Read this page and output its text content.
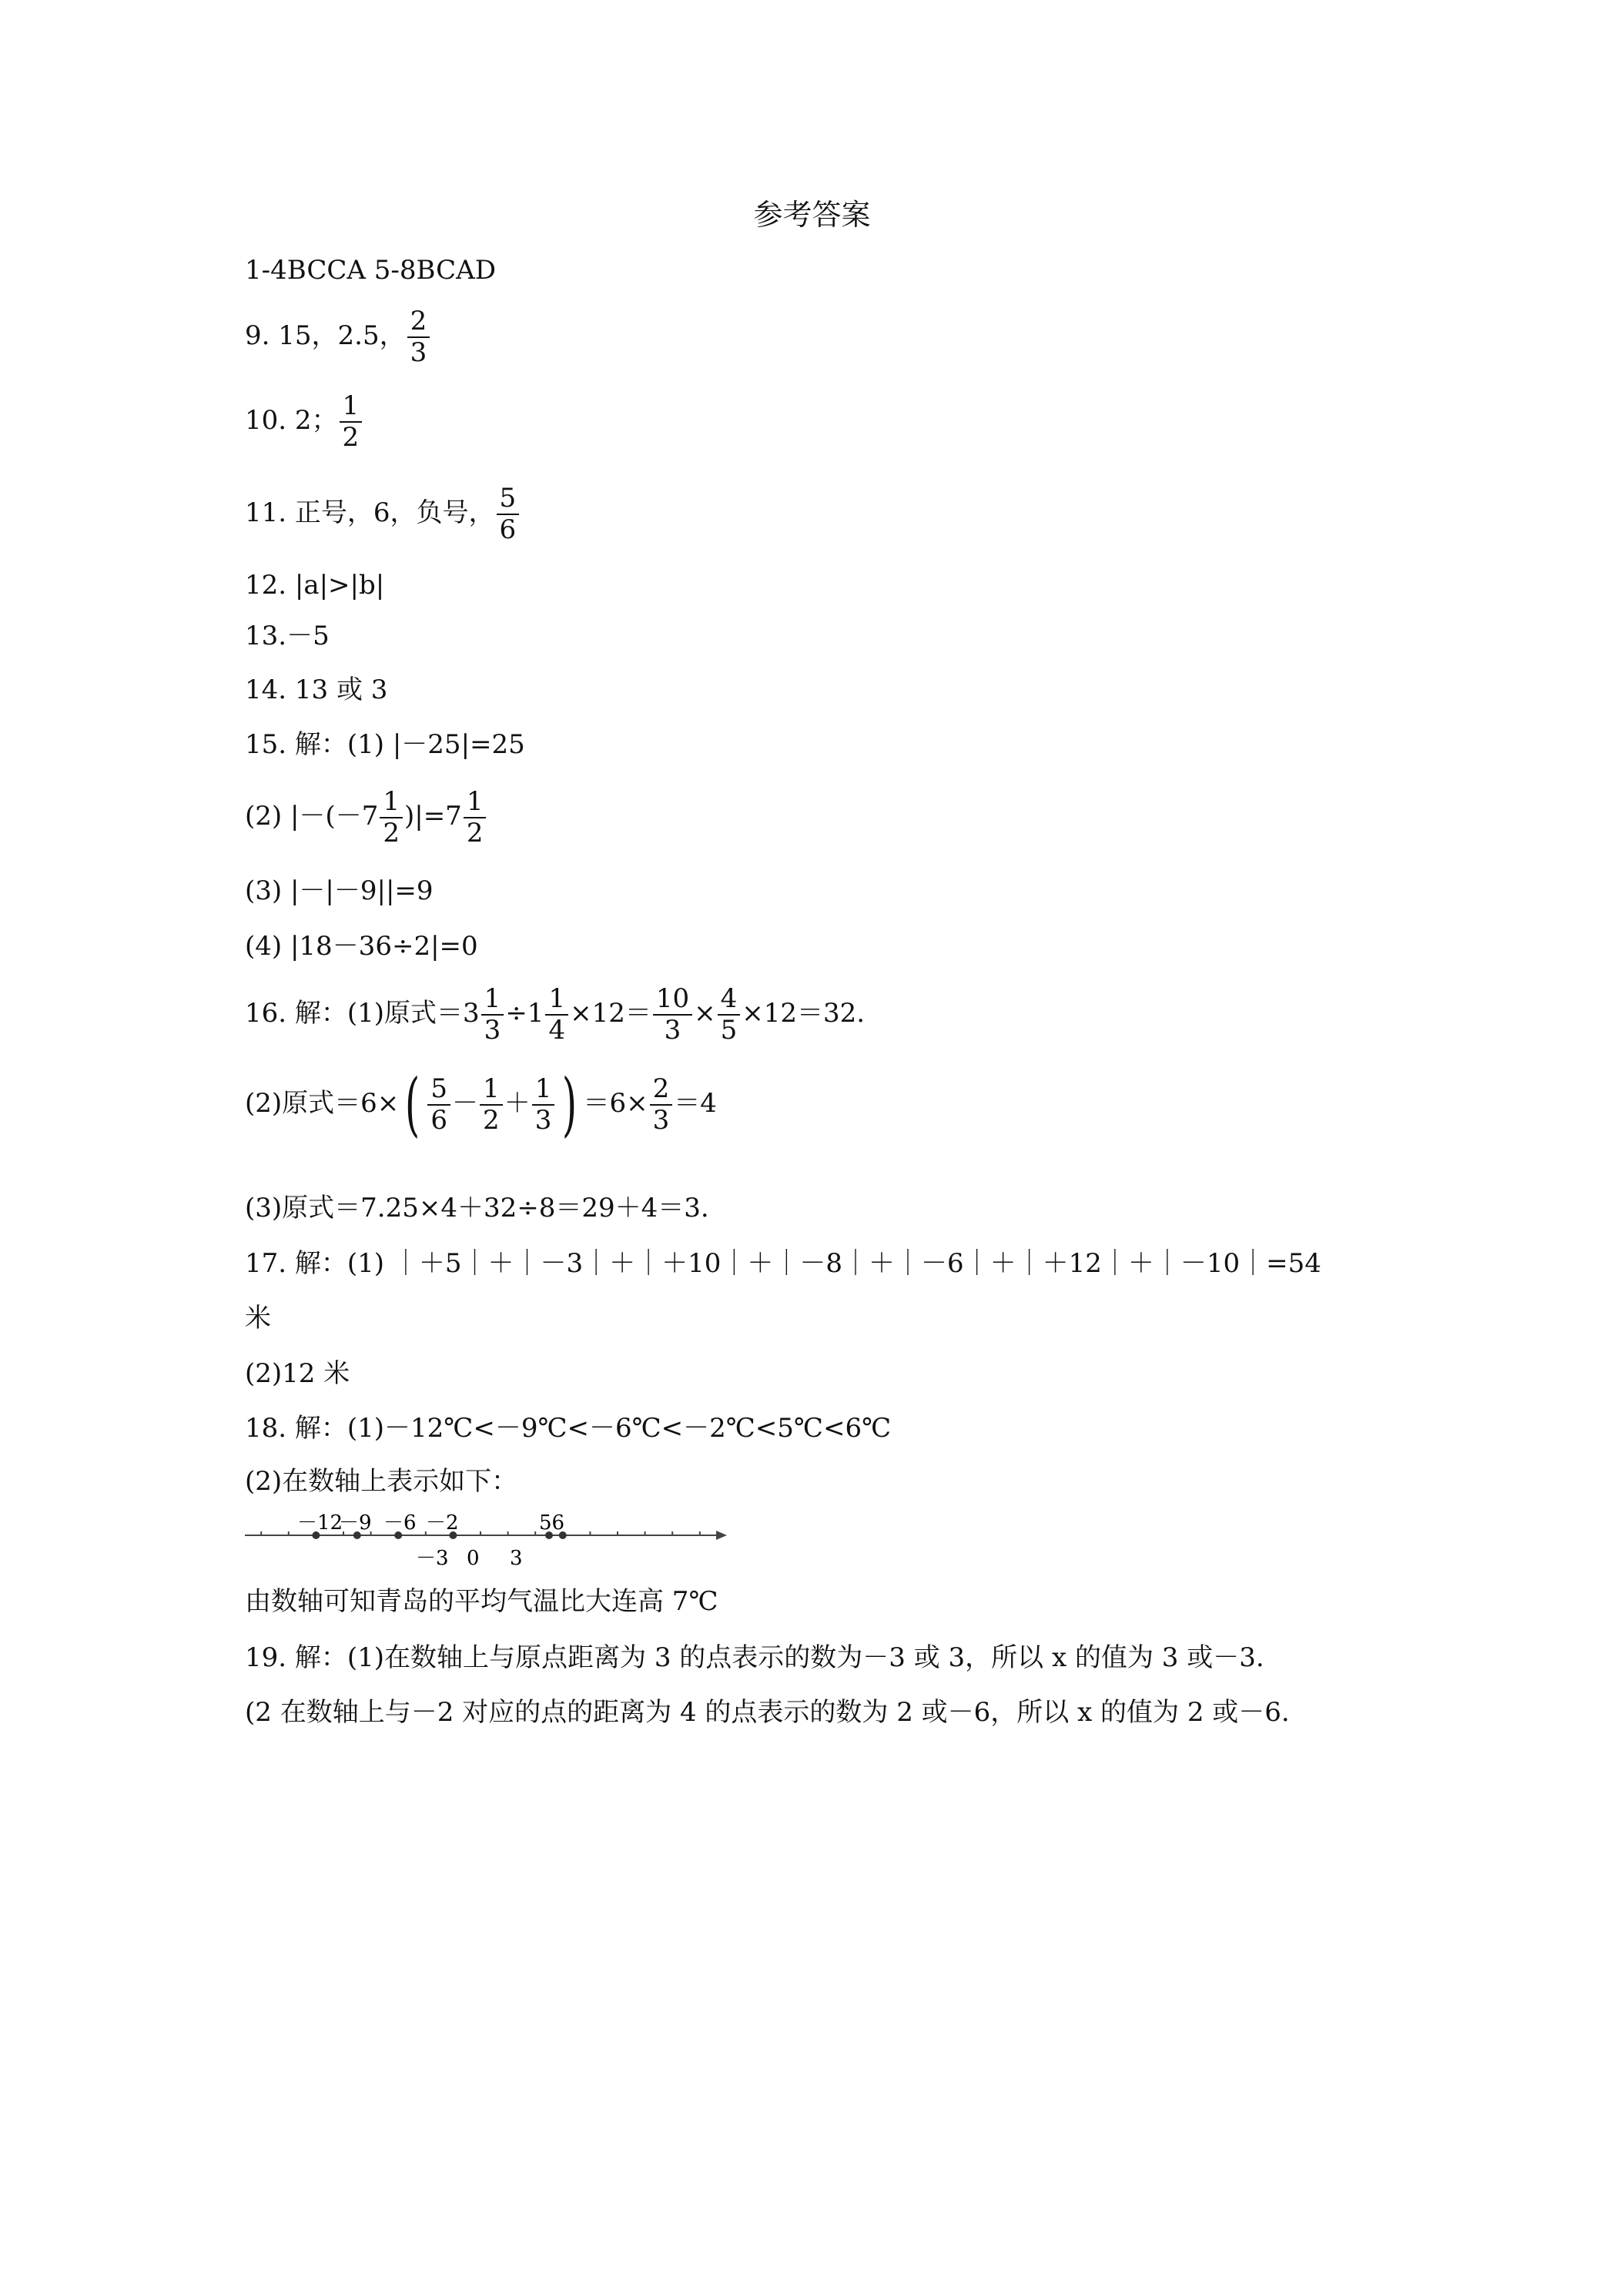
参考答案
1-4BCCA 5-8BCAD
9. 15，2.5， $\frac{2}{3}$
10. 2； $\frac{1}{2}$
11. 正号，6，负号， $\frac{5}{6}$
12. |a|>|b|
13.－5
14. 13 或 3
15. 解：(1) |－25|=25
(2) $|-(-7 \frac{1}{2} )|=7 \frac{1}{2}$
(3) |－|－9||=9
(4) |18－36÷2|=0
16. 解：(1)原式$=3 \frac{1}{3} \div 1 \frac{1}{4} \times 12= \frac{10}{3} \times \frac{4}{5} \times 12=32$.
(2)原式$=6\times( \frac{5}{6} - \frac{1}{2} + \frac{1}{3}$ ) $=6\times \frac{2}{3} =4$
(3)原式＝7.25×4＋32÷8＝29＋4＝3.
17. 解：(1) ｜＋5｜＋｜－3｜＋｜＋10｜＋｜－8｜＋｜－6｜＋｜＋12｜＋｜－10｜=54
米
(2)12 米
18. 解：(1)－12℃<－9℃<－6℃<－2℃<5℃<6℃
(2)在数轴上表示如下：
－12
－9 －6 －2	56
－3 0 3
由数轴可知青岛的平均气温比大连高 7℃
19. 解：(1)在数轴上与原点距离为 3 的点表示的数为－3 或 3，所以 x 的值为 3 或－3.
(2 在数轴上与－2 对应的点的距离为 4 的点表示的数为 2 或－6，所以 x 的值为 2 或－6.
